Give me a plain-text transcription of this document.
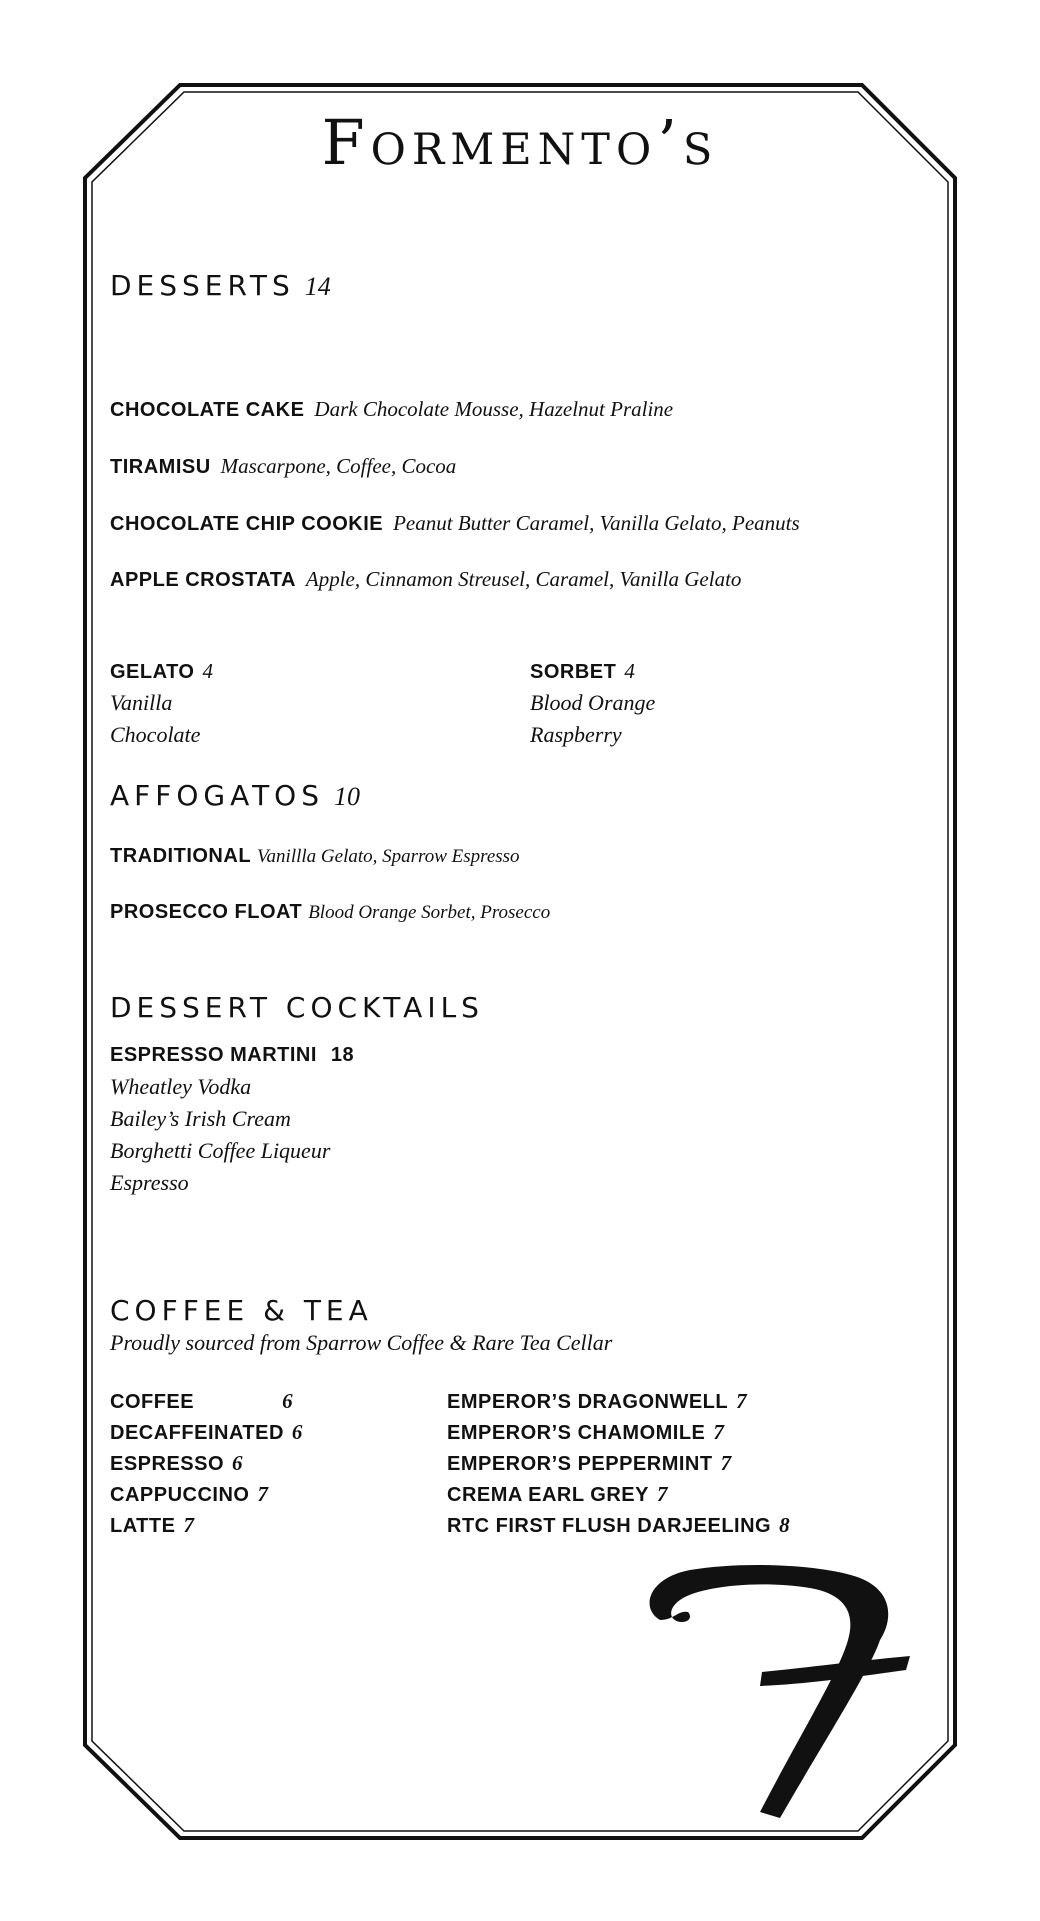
Formento’s
DESSERTS 14
CHOCOLATE CAKE Dark Chocolate Mousse, Hazelnut Praline
TIRAMISU Mascarpone, Coffee, Cocoa
CHOCOLATE CHIP COOKIE Peanut Butter Caramel, Vanilla Gelato, Peanuts
APPLE CROSTATA Apple, Cinnamon Streusel, Caramel, Vanilla Gelato
GELATO 4
Vanilla
Chocolate
SORBET 4
Blood Orange
Raspberry
AFFOGATOS 10
TRADITIONAL Vanillla Gelato, Sparrow Espresso
PROSECCO FLOAT Blood Orange Sorbet, Prosecco
DESSERT COCKTAILS
ESPRESSO MARTINI 18
Wheatley Vodka
Bailey’s Irish Cream
Borghetti Coffee Liqueur
Espresso
COFFEE & TEA
Proudly sourced from Sparrow Coffee & Rare Tea Cellar
COFFEE	6
DECAFFEINATED 6
ESPRESSO 6
CAPPUCCINO 7
LATTE 7
EMPEROR’S DRAGONWELL 7
EMPEROR’S CHAMOMILE 7
EMPEROR’S PEPPERMINT 7
CREMA EARL GREY 7
RTC FIRST FLUSH DARJEELING 8
